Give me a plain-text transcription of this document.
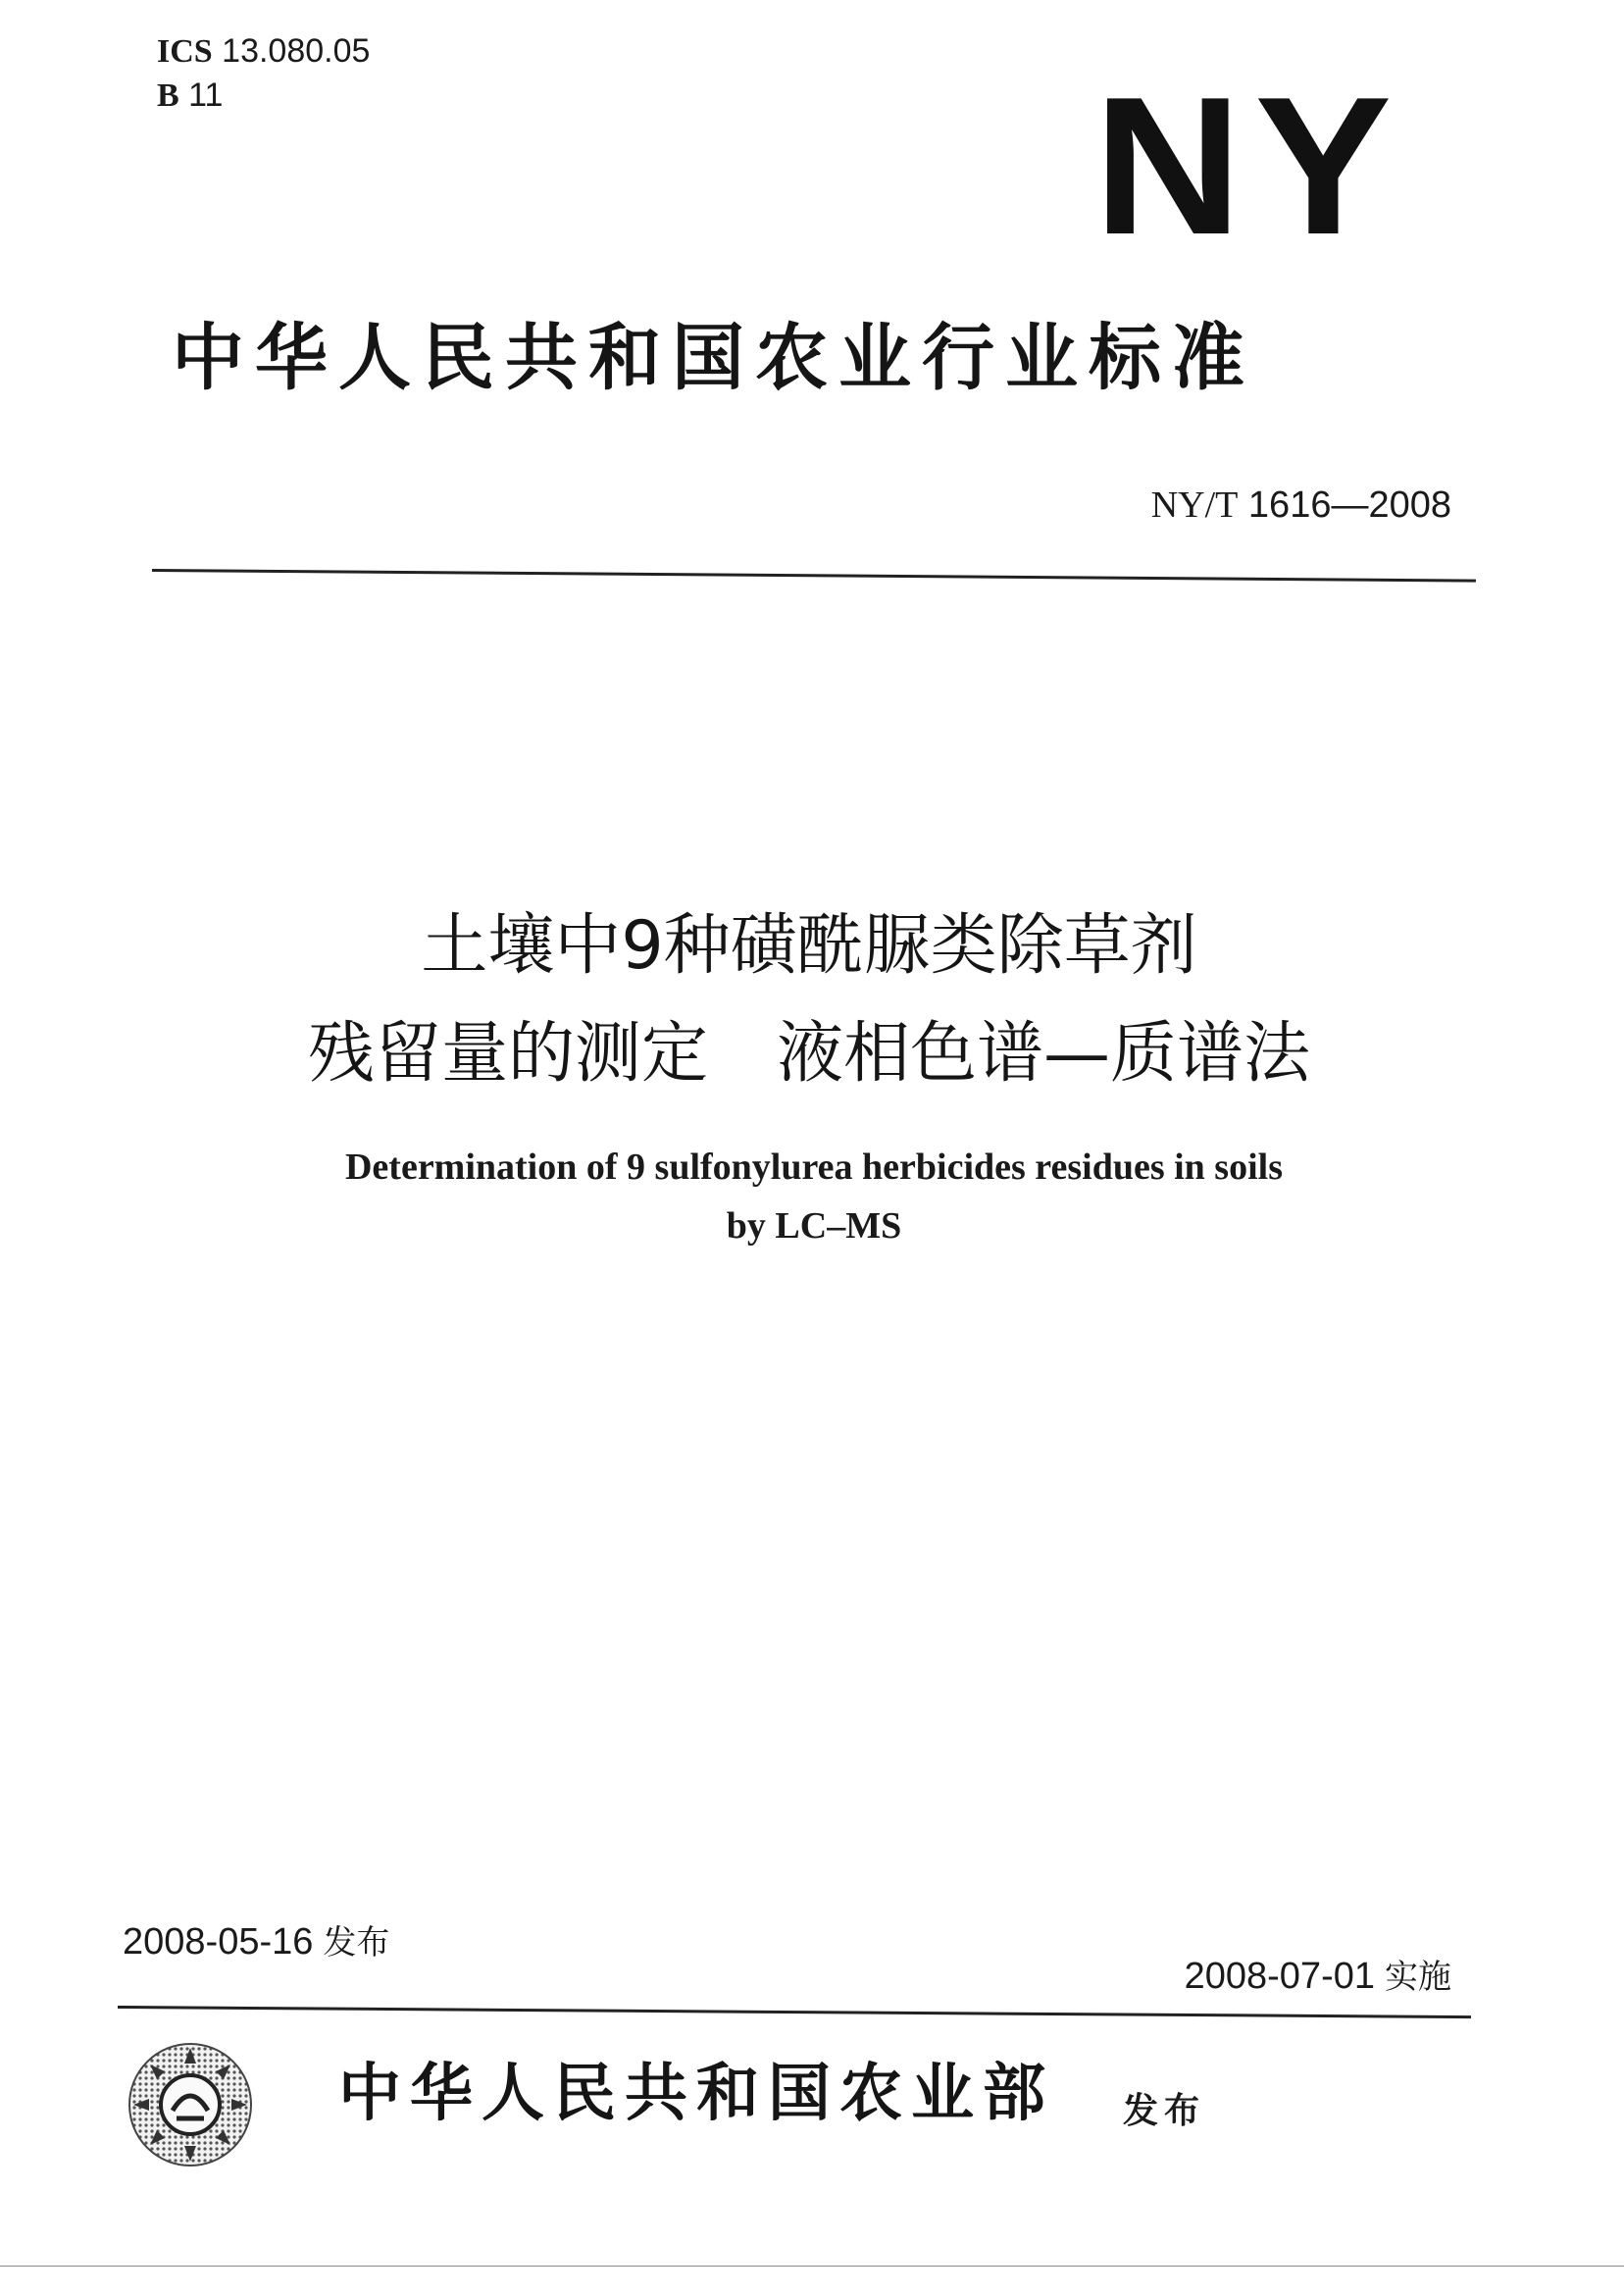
ICS 13.080.05
B 11	NY
中华人民共和国农业行业标准
NY/T 1616—2008
土壤中9种磺酰脲类除草剂
残留量的测定 液相色谱—质谱法
Determination of 9 sulfonylurea herbicides residues in soils
by LC–MS
2008-05-16 发布
2008-07-01 实施
中华人民共和国农业部 发布
